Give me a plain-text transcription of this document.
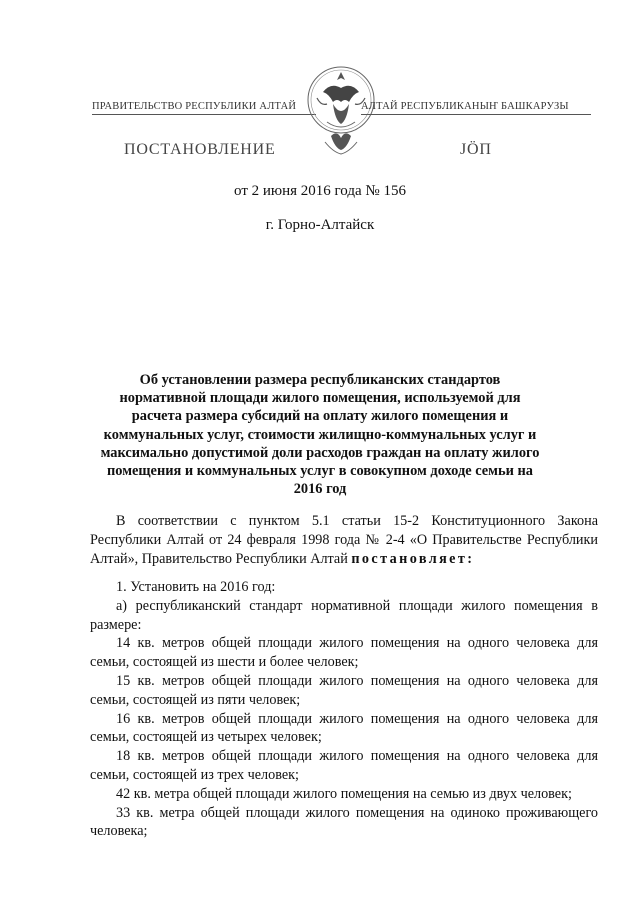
ПРАВИТЕЛЬСТВО РЕСПУБЛИКИ АЛТАЙ	АЛТАЙ РЕСПУБЛИКАНЫҤ БАШКАРУЗЫ
ПОСТАНОВЛЕНИЕ	JÖП
от 2 июня 2016 года № 156
г. Горно-Алтайск
Об установлении размера республиканских стандартов нормативной площади жилого помещения, используемой для расчета размера субсидий на оплату жилого помещения и коммунальных услуг, стоимости жилищно-коммунальных услуг и максимально допустимой доли расходов граждан на оплату жилого помещения и коммунальных услуг в совокупном доходе семьи на 2016 год
В соответствии с пунктом 5.1 статьи 15-2 Конституционного Закона Республики Алтай от 24 февраля 1998 года № 2-4 «О Правительстве Республики Алтай», Правительство Республики Алтай постановляет:

1. Установить на 2016 год:

а) республиканский стандарт нормативной площади жилого помещения в размере:

14 кв. метров общей площади жилого помещения на одного человека для семьи, состоящей из шести и более человек;

15 кв. метров общей площади жилого помещения на одного человека для семьи, состоящей из пяти человек;

16 кв. метров общей площади жилого помещения на одного человека для семьи, состоящей из четырех человек;

18 кв. метров общей площади жилого помещения на одного человека для семьи, состоящей из трех человек;

42 кв. метра общей площади жилого помещения на семью из двух человек;

33 кв. метра общей площади жилого помещения на одиноко проживающего человека;
